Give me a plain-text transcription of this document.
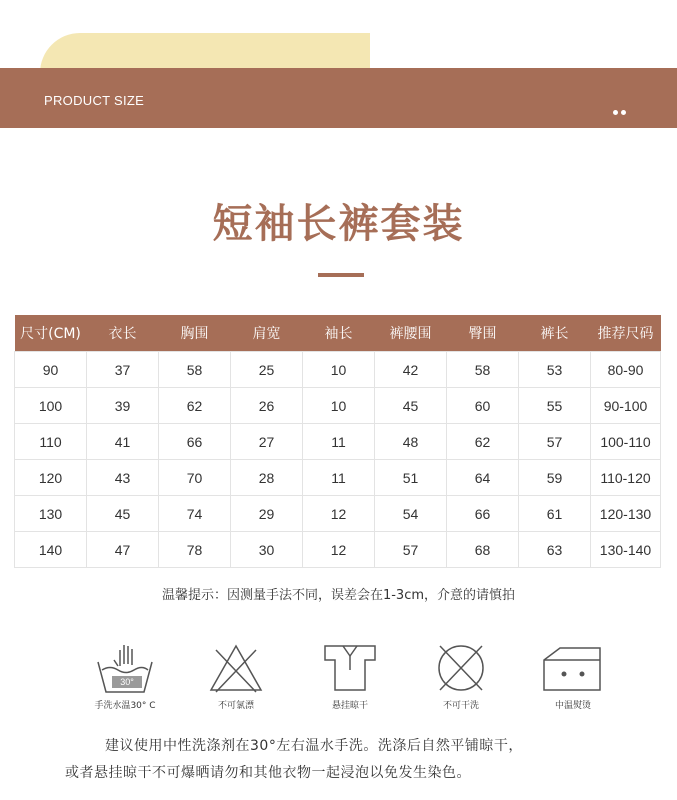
PRODUCT SIZE
短袖长裤套装
尺寸(CM)	衣长	胸围	肩宽	袖长	裤腰围	臀围	裤长	推荐尺码
90	37	58	25	10	42	58	53	80-90
100	39	62	26	10	45	60	55	90-100
110	41	66	27	11	48	62	57	100-110
120	43	70	28	11	51	64	59	110-120
130	45	74	29	12	54	66	61	120-130
140	47	78	30	12	57	68	63	130-140
温馨提示：因测量手法不同，误差会在1-3cm，介意的请慎拍
30°
手洗水温30° C	不可氯漂	悬挂晾干	不可干洗	中温熨烫
建议使用中性洗涤剂在30°左右温水手洗。洗涤后自然平铺晾干，
或者悬挂晾干不可爆晒请勿和其他衣物一起浸泡以免发生染色。
